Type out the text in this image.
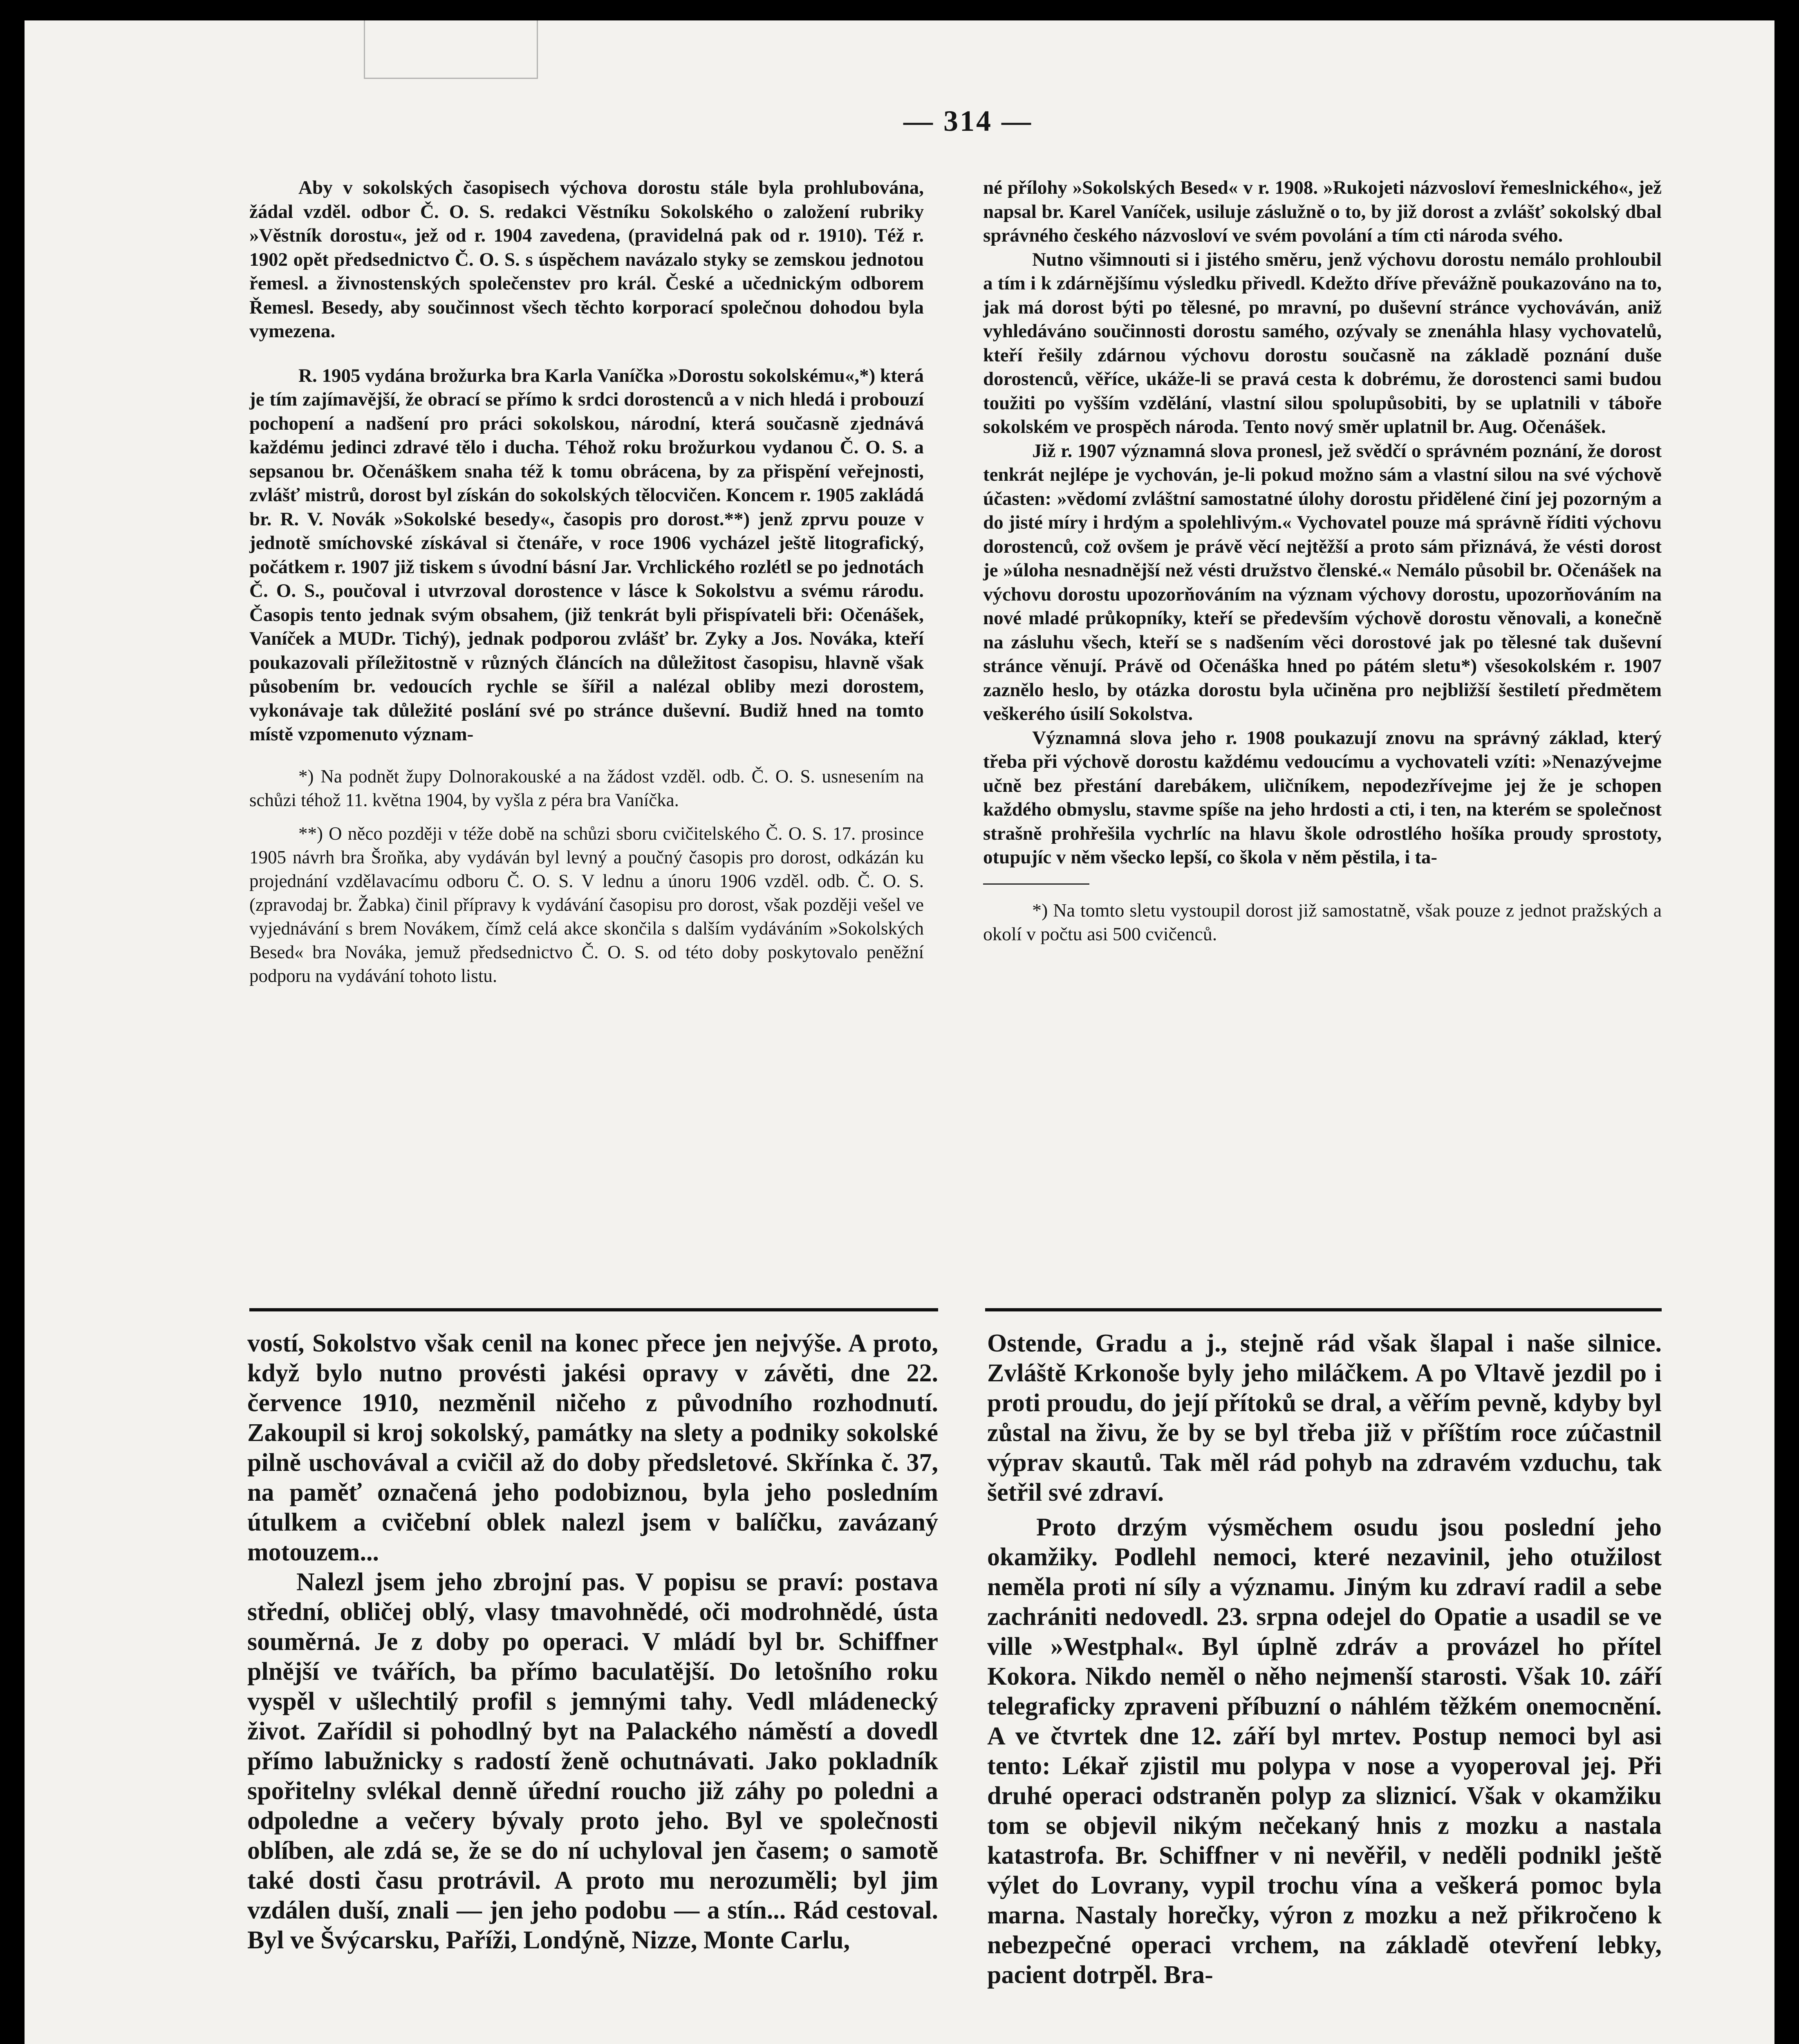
— 314 —

Aby v sokolských časopisech výchova dorostu stále byla prohlubována, žádal vzděl. odbor Č. O. S. redakci Věstníku Sokolského o založení rubriky »Věstník dorostu«, jež od r. 1904 zavedena, (pravidelná pak od r. 1910). Též r. 1902 opět předsednictvo Č. O. S. s úspěchem navázalo styky se zemskou jednotou řemesl. a živnostenských společenstev pro král. České a učednickým odborem Řemesl. Besedy, aby součinnost všech těchto korporací společnou dohodou byla vymezena.

R. 1905 vydána brožurka bra Karla Vaníčka »Dorostu sokolskému«,*) která je tím zajímavější, že obrací se přímo k srdci dorostenců a v nich hledá i probouzí pochopení a nadšení pro práci sokolskou, národní, která současně zjednává každému jedinci zdravé tělo i ducha. Téhož roku brožurkou vydanou Č. O. S. a sepsanou br. Očenáškem snaha též k tomu obrácena, by za přispění veřejnosti, zvlášť mistrů, dorost byl získán do sokolských tělocvičen. Koncem r. 1905 zakládá br. R. V. Novák »Sokolské besedy«, časopis pro dorost.**) jenž zprvu pouze v jednotě smíchovské získával si čtenáře, v roce 1906 vycházel ještě litografický, počátkem r. 1907 již tiskem s úvodní básní Jar. Vrchlického rozlétl se po jednotách Č. O. S., poučoval i utvrzoval dorostence v lásce k Sokolstvu a svému rárodu. Časopis tento jednak svým obsahem, (již tenkrát byli přispívateli bři: Očenášek, Vaníček a MUDr. Tichý), jednak podporou zvlášť br. Zyky a Jos. Nováka, kteří poukazovali příležitostně v různých článcích na důležitost časopisu, hlavně však působením br. vedoucích rychle se šířil a nalézal obliby mezi dorostem, vykonávaje tak důležité poslání své po stránce duševní. Budiž hned na tomto místě vzpomenuto význam-

*) Na podnět župy Dolnorakouské a na žádost vzděl. odb. Č. O. S. usnesením na schůzi téhož 11. května 1904, by vyšla z péra bra Vaníčka.

**) O něco později v téže době na schůzi sboru cvičitelského Č. O. S. 17. prosince 1905 návrh bra Šroňka, aby vydáván byl levný a poučný časopis pro dorost, odkázán ku projednání vzdělavacímu odboru Č. O. S. V lednu a únoru 1906 vzděl. odb. Č. O. S. (zpravodaj br. Žabka) činil přípravy k vydávání časopisu pro dorost, však později vešel ve vyjednávání s brem Novákem, čímž celá akce skončila s dalším vydáváním »Sokolských Besed« bra Nováka, jemuž předsednictvo Č. O. S. od této doby poskytovalo peněžní podporu na vydávání tohoto listu.

né přílohy »Sokolských Besed« v r. 1908. »Rukojeti názvosloví řemeslnického«, jež napsal br. Karel Vaníček, usiluje záslužně o to, by již dorost a zvlášť sokolský dbal správného českého názvosloví ve svém povolání a tím cti národa svého.

Nutno všimnouti si i jistého směru, jenž výchovu dorostu nemálo prohloubil a tím i k zdárnějšímu výsledku přivedl. Kdežto dříve převážně poukazováno na to, jak má dorost býti po tělesné, po mravní, po duševní stránce vychováván, aniž vyhledáváno součinnosti dorostu samého, ozývaly se znenáhla hlasy vychovatelů, kteří řešily zdárnou výchovu dorostu současně na základě poznání duše dorostenců, věříce, ukáže-li se pravá cesta k dobrému, že dorostenci sami budou toužiti po vyšším vzdělání, vlastní silou spolupůsobiti, by se uplatnili v táboře sokolském ve prospěch národa. Tento nový směr uplatnil br. Aug. Očenášek.

Již r. 1907 významná slova pronesl, jež svědčí o správném poznání, že dorost tenkrát nejlépe je vychován, je-li pokud možno sám a vlastní silou na své výchově účasten: »vědomí zvláštní samostatné úlohy dorostu přidělené činí jej pozorným a do jisté míry i hrdým a spolehlivým.« Vychovatel pouze má správně říditi výchovu dorostenců, což ovšem je právě věcí nejtěžší a proto sám přiznává, že vésti dorost je »úloha nesnadnější než vésti družstvo členské.« Nemálo působil br. Očenášek na výchovu dorostu upozorňováním na význam výchovy dorostu, upozorňováním na nové mladé průkopníky, kteří se především výchově dorostu věnovali, a konečně na zásluhu všech, kteří se s nadšením věci dorostové jak po tělesné tak duševní stránce věnují. Právě od Očenáška hned po pátém sletu*) všesokolském r. 1907 zaznělo heslo, by otázka dorostu byla učiněna pro nejbližší šestiletí předmětem veškerého úsilí Sokolstva.

Významná slova jeho r. 1908 poukazují znovu na správný základ, který třeba při výchově dorostu každému vedoucímu a vychovateli vzíti: »Nenazývejme učně bez přestání darebákem, uličníkem, nepodezřívejme jej že je schopen každého obmyslu, stavme spíše na jeho hrdosti a cti, i ten, na kterém se společnost strašně prohřešila vychrlíc na hlavu škole odrostlého hošíka proudy sprostoty, otupujíc v něm všecko lepší, co škola v něm pěstila, i ta-

*) Na tomto sletu vystoupil dorost již samostatně, však pouze z jednot pražských a okolí v počtu asi 500 cvičenců.

vostí, Sokolstvo však cenil na konec přece jen nejvýše. A proto, když bylo nutno provésti jakési opravy v závěti, dne 22. července 1910, nezměnil ničeho z původního rozhodnutí. Zakoupil si kroj sokolský, památky na slety a podniky sokolské pilně uschovával a cvičil až do doby předsletové. Skřínka č. 37, na paměť označená jeho podobiznou, byla jeho posledním útulkem a cvičební oblek nalezl jsem v balíčku, zavázaný motouzem...

Nalezl jsem jeho zbrojní pas. V popisu se praví: postava střední, obličej oblý, vlasy tmavohnědé, oči modrohnědé, ústa souměrná. Je z doby po operaci. V mládí byl br. Schiffner plnější ve tvářích, ba přímo baculatější. Do letošního roku vyspěl v ušlechtilý profil s jemnými tahy. Vedl mládenecký život. Zařídil si pohodlný byt na Palackého náměstí a dovedl přímo labužnicky s radostí ženě ochutnávati. Jako pokladník spořitelny svlékal denně úřední roucho již záhy po poledni a odpoledne a večery bývaly proto jeho. Byl ve společnosti oblíben, ale zdá se, že se do ní uchyloval jen časem; o samotě také dosti času protrávil. A proto mu nerozuměli; byl jim vzdálen duší, znali — jen jeho podobu — a stín... Rád cestoval. Byl ve Švýcarsku, Paříži, Londýně, Nizze, Monte Carlu,

Ostende, Gradu a j., stejně rád však šlapal i naše silnice. Zvláště Krkonoše byly jeho miláčkem. A po Vltavě jezdil po i proti proudu, do její přítoků se dral, a věřím pevně, kdyby byl zůstal na živu, že by se byl třeba již v příštím roce zúčastnil výprav skautů. Tak měl rád pohyb na zdravém vzduchu, tak šetřil své zdraví.

Proto drzým výsměchem osudu jsou poslední jeho okamžiky. Podlehl nemoci, které nezavinil, jeho otužilost neměla proti ní síly a významu. Jiným ku zdraví radil a sebe zachrániti nedovedl. 23. srpna odejel do Opatie a usadil se ve ville »Westphal«. Byl úplně zdráv a provázel ho přítel Kokora. Nikdo neměl o něho nejmenší starosti. Však 10. září telegraficky zpraveni příbuzní o náhlém těžkém onemocnění. A ve čtvrtek dne 12. září byl mrtev. Postup nemoci byl asi tento: Lékař zjistil mu polypa v nose a vyoperoval jej. Při druhé operaci odstraněn polyp za sliznicí. Však v okamžiku tom se objevil nikým nečekaný hnis z mozku a nastala katastrofa. Br. Schiffner v ni nevěřil, v neděli podnikl ještě výlet do Lovrany, vypil trochu vína a veškerá pomoc byla marna. Nastaly horečky, výron z mozku a než přikročeno k nebezpečné operaci vrchem, na základě otevření lebky, pacient dotrpěl. Bra-
